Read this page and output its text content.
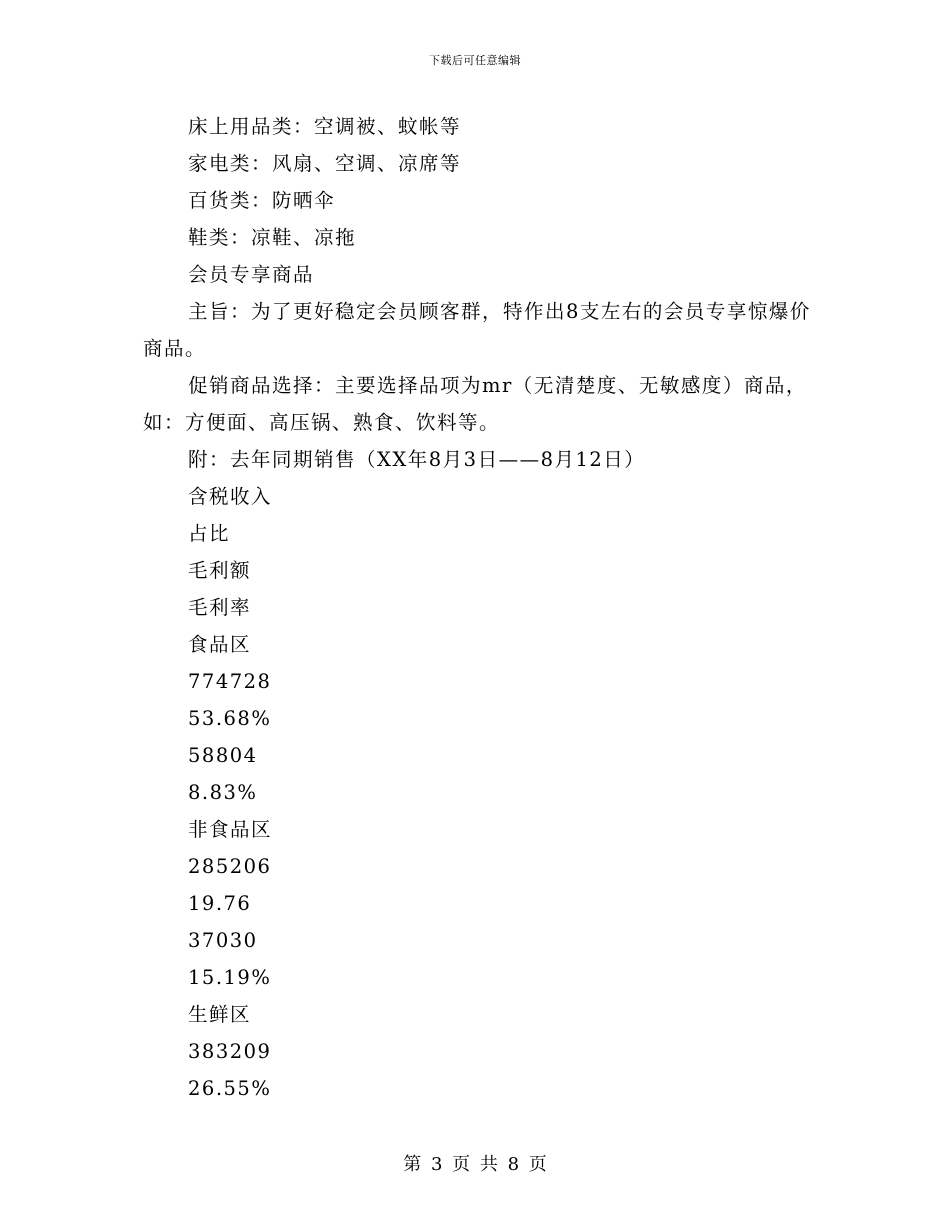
下载后可任意编辑

床上用品类：空调被、蚊帐等

家电类：风扇、空调、凉席等

百货类：防晒伞

鞋类：凉鞋、凉拖

会员专享商品

主旨：为了更好稳定会员顾客群，特作出8支左右的会员专享惊爆价商品。

促销商品选择：主要选择品项为mr（无清楚度、无敏感度）商品，如：方便面、高压锅、熟食、饮料等。

附：去年同期销售（XX年8月3日——8月12日）

含税收入

占比

毛利额

毛利率

食品区

774728

53.68%

58804

8.83%

非食品区

285206

19.76

37030

15.19%

生鲜区

383209

26.55%

第 3 页 共 8 页
